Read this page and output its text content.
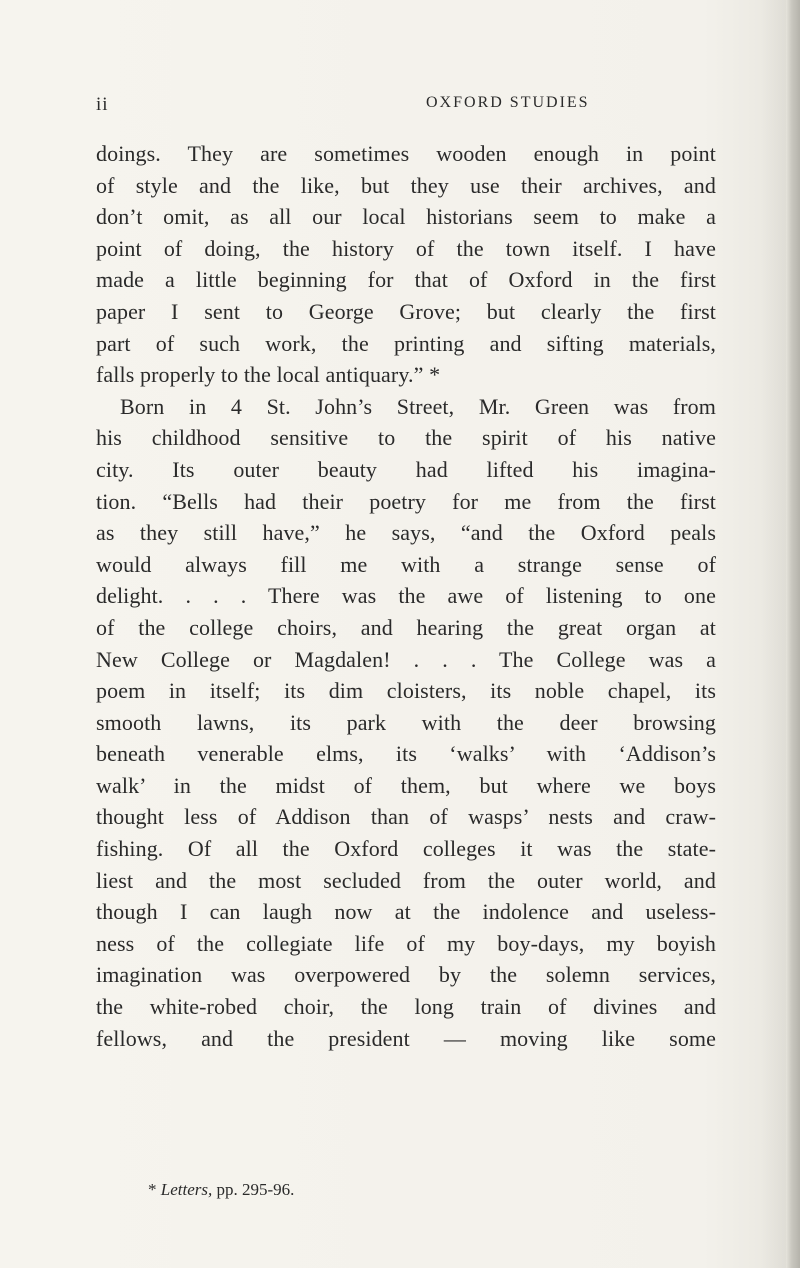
ii	OXFORD STUDIES
doings. They are sometimes wooden enough in point
of style and the like, but they use their archives, and
don’t omit, as all our local historians seem to make a
point of doing, the history of the town itself. I have
made a little beginning for that of Oxford in the first
paper I sent to George Grove; but clearly the first
part of such work, the printing and sifting materials,
falls properly to the local antiquary.” *
Born in 4 St. John’s Street, Mr. Green was from
his childhood sensitive to the spirit of his native
city. Its outer beauty had lifted his imagina-
tion. “Bells had their poetry for me from the first
as they still have,” he says, “and the Oxford peals
would always fill me with a strange sense of
delight. . . . There was the awe of listening to one
of the college choirs, and hearing the great organ at
New College or Magdalen! . . . The College was a
poem in itself; its dim cloisters, its noble chapel, its
smooth lawns, its park with the deer browsing
beneath venerable elms, its ‘walks’ with ‘Addison’s
walk’ in the midst of them, but where we boys
thought less of Addison than of wasps’ nests and craw-
fishing. Of all the Oxford colleges it was the state-
liest and the most secluded from the outer world, and
though I can laugh now at the indolence and useless-
ness of the collegiate life of my boy-days, my boyish
imagination was overpowered by the solemn services,
the white-robed choir, the long train of divines and
fellows, and the president — moving like some
* Letters, pp. 295-96.
